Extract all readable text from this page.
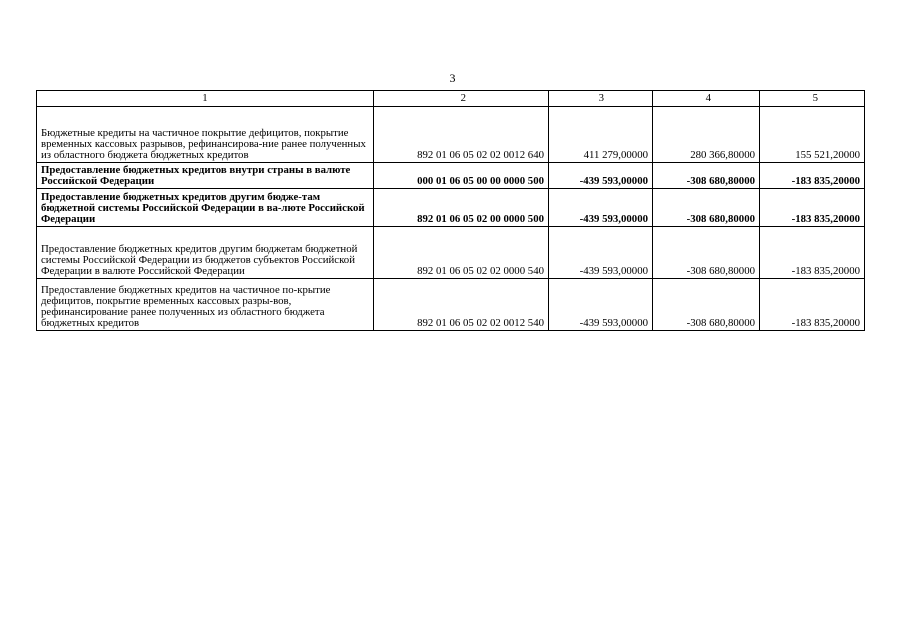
3
1	2	3	4	5
Бюджетные кредиты на частичное покрытие дефицитов, покрытие временных кассовых разрывов, рефинансирова-ние ранее полученных из областного бюджета бюджетных кредитов	892 01 06 05 02 02 0012 640	411 279,00000	280 366,80000	155 521,20000
Предоставление бюджетных кредитов внутри страны в валюте Российской Федерации	000 01 06 05 00 00 0000 500	-439 593,00000	-308 680,80000	-183 835,20000
Предоставление бюджетных кредитов другим бюдже-там бюджетной системы Российской Федерации в ва-люте Российской Федерации	892 01 06 05 02 00 0000 500	-439 593,00000	-308 680,80000	-183 835,20000
Предоставление бюджетных кредитов другим бюджетам бюджетной системы Российской Федерации из бюджетов субъектов Российской Федерации в валюте Российской Федерации	892 01 06 05 02 02 0000 540	-439 593,00000	-308 680,80000	-183 835,20000
Предоставление бюджетных кредитов на частичное по-крытие дефицитов, покрытие временных кассовых разры-вов, рефинансирование ранее полученных из областного бюджета бюджетных кредитов	892 01 06 05 02 02 0012 540	-439 593,00000	-308 680,80000	-183 835,20000
